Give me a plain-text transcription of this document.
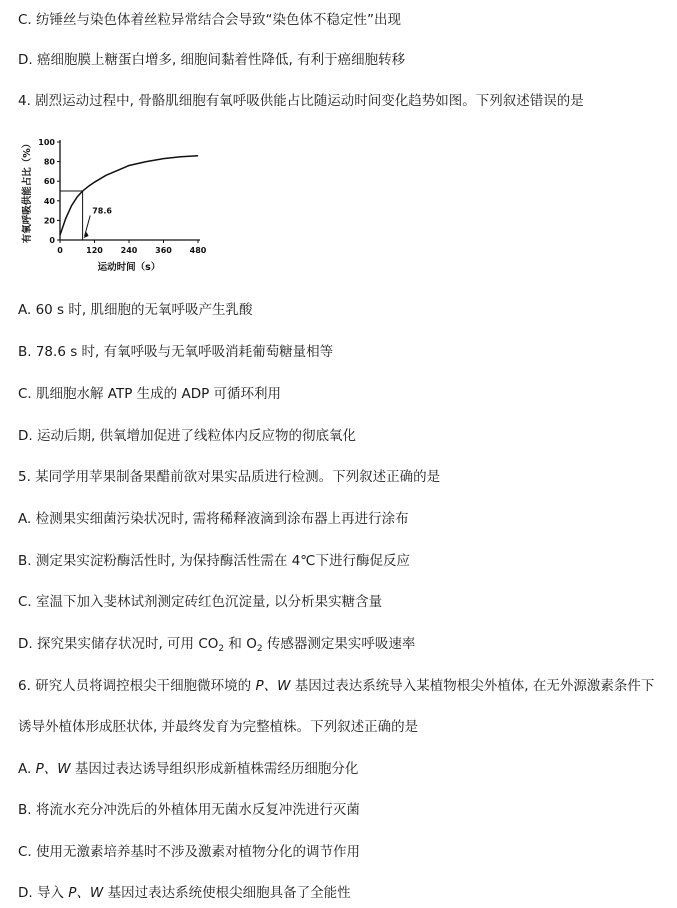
C. 纺锤丝与染色体着丝粒异常结合会导致“染色体不稳定性”出现
D. 癌细胞膜上糖蛋白增多, 细胞间黏着性降低, 有利于癌细胞转移
4. 剧烈运动过程中, 骨骼肌细胞有氧呼吸供能占比随运动时间变化趋势如图。下列叙述错误的是
0	120 240 360 480
0
20
40
60
80
100
78.6
运动时间（s）
有氧呼吸供能占比（%）
A. 60 s 时, 肌细胞的无氧呼吸产生乳酸
B. 78.6 s 时, 有氧呼吸与无氧呼吸消耗葡萄糖量相等
C. 肌细胞水解 ATP 生成的 ADP 可循环利用
D. 运动后期, 供氧增加促进了线粒体内反应物的彻底氧化
5. 某同学用苹果制备果醋前欲对果实品质进行检测。下列叙述正确的是
A. 检测果实细菌污染状况时, 需将稀释液滴到涂布器上再进行涂布
B. 测定果实淀粉酶活性时, 为保持酶活性需在 4℃下进行酶促反应
C. 室温下加入斐林试剂测定砖红色沉淀量, 以分析果实糖含量
D. 探究果实储存状况时, 可用 $CO_2$ 和 $O_2$ 传感器测定果实呼吸速率
6. 研究人员将调控根尖干细胞微环境的 P、W 基因过表达系统导入某植物根尖外植体, 在无外源激素条件下
诱导外植体形成胚状体, 并最终发育为完整植株。下列叙述正确的是
A. P、W 基因过表达诱导组织形成新植株需经历细胞分化
B. 将流水充分冲洗后的外植体用无菌水反复冲洗进行灭菌
C. 使用无激素培养基时不涉及激素对植物分化的调节作用
D. 导入 P、W 基因过表达系统使根尖细胞具备了全能性
